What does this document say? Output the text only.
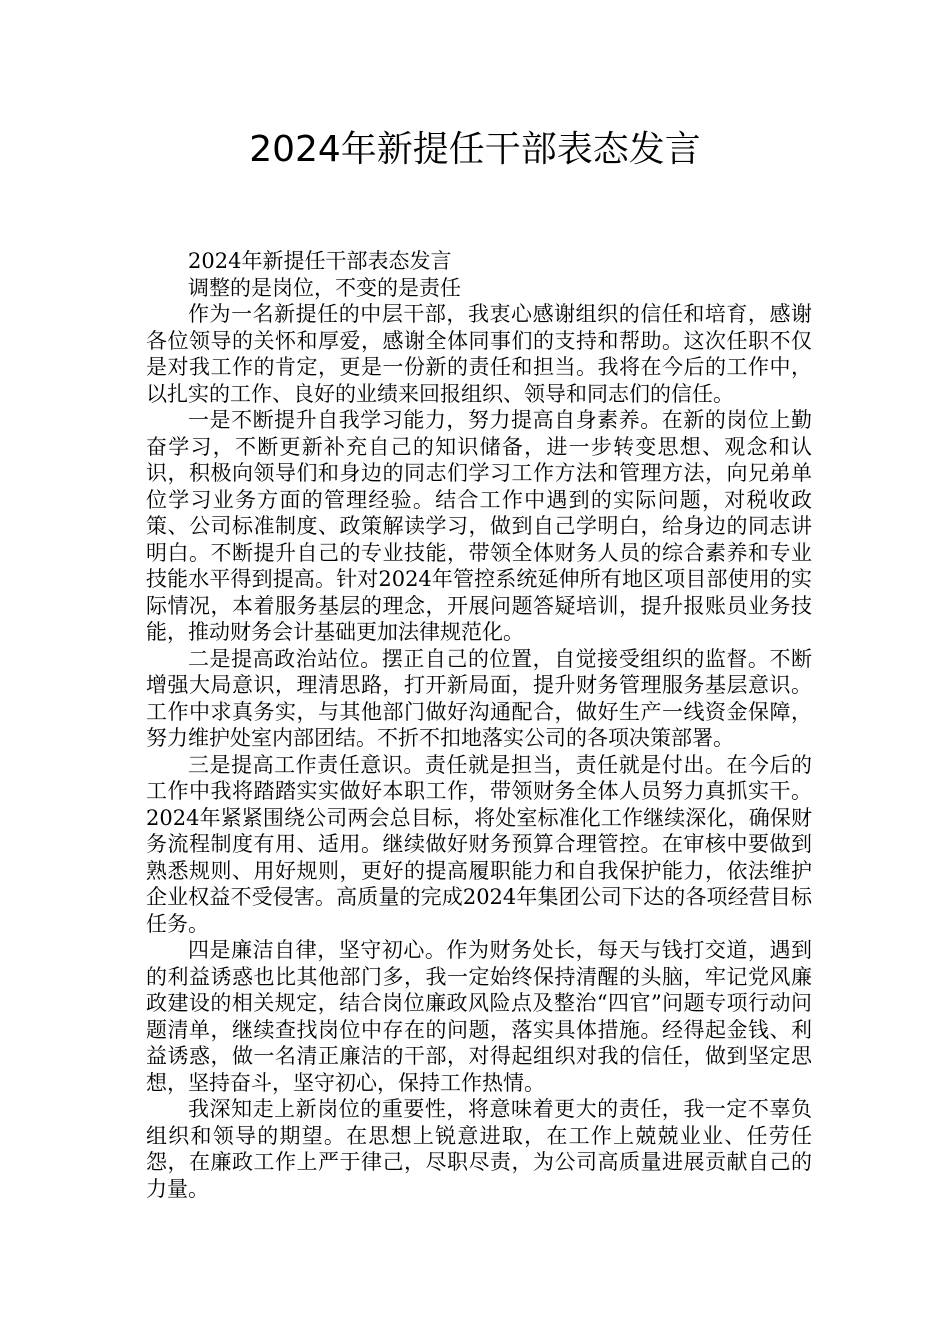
2024年新提任干部表态发言

2024年新提任干部表态发言

调整的是岗位，不变的是责任

作为一名新提任的中层干部，我衷心感谢组织的信任和培育，感谢各位领导的关怀和厚爱，感谢全体同事们的支持和帮助。这次任职不仅是对我工作的肯定，更是一份新的责任和担当。我将在今后的工作中，以扎实的工作、良好的业绩来回报组织、领导和同志们的信任。

一是不断提升自我学习能力，努力提高自身素养。在新的岗位上勤奋学习，不断更新补充自己的知识储备，进一步转变思想、观念和认识，积极向领导们和身边的同志们学习工作方法和管理方法，向兄弟单位学习业务方面的管理经验。结合工作中遇到的实际问题，对税收政策、公司标准制度、政策解读学习，做到自己学明白，给身边的同志讲明白。不断提升自己的专业技能，带领全体财务人员的综合素养和专业技能水平得到提高。针对2024年管控系统延伸所有地区项目部使用的实际情况，本着服务基层的理念，开展问题答疑培训，提升报账员业务技能，推动财务会计基础更加法律规范化。

二是提高政治站位。摆正自己的位置，自觉接受组织的监督。不断增强大局意识，理清思路，打开新局面，提升财务管理服务基层意识。工作中求真务实，与其他部门做好沟通配合，做好生产一线资金保障，努力维护处室内部团结。不折不扣地落实公司的各项决策部署。

三是提高工作责任意识。责任就是担当，责任就是付出。在今后的工作中我将踏踏实实做好本职工作，带领财务全体人员努力真抓实干。2024年紧紧围绕公司两会总目标，将处室标准化工作继续深化，确保财务流程制度有用、适用。继续做好财务预算合理管控。在审核中要做到熟悉规则、用好规则，更好的提高履职能力和自我保护能力，依法维护企业权益不受侵害。高质量的完成2024年集团公司下达的各项经营目标任务。

四是廉洁自律，坚守初心。作为财务处长，每天与钱打交道，遇到的利益诱惑也比其他部门多，我一定始终保持清醒的头脑，牢记党风廉政建设的相关规定，结合岗位廉政风险点及整治“四官”问题专项行动问题清单，继续查找岗位中存在的问题，落实具体措施。经得起金钱、利益诱惑，做一名清正廉洁的干部，对得起组织对我的信任，做到坚定思想，坚持奋斗，坚守初心，保持工作热情。

我深知走上新岗位的重要性，将意味着更大的责任，我一定不辜负组织和领导的期望。在思想上锐意进取，在工作上兢兢业业、任劳任怨，在廉政工作上严于律己，尽职尽责，为公司高质量进展贡献自己的力量。
